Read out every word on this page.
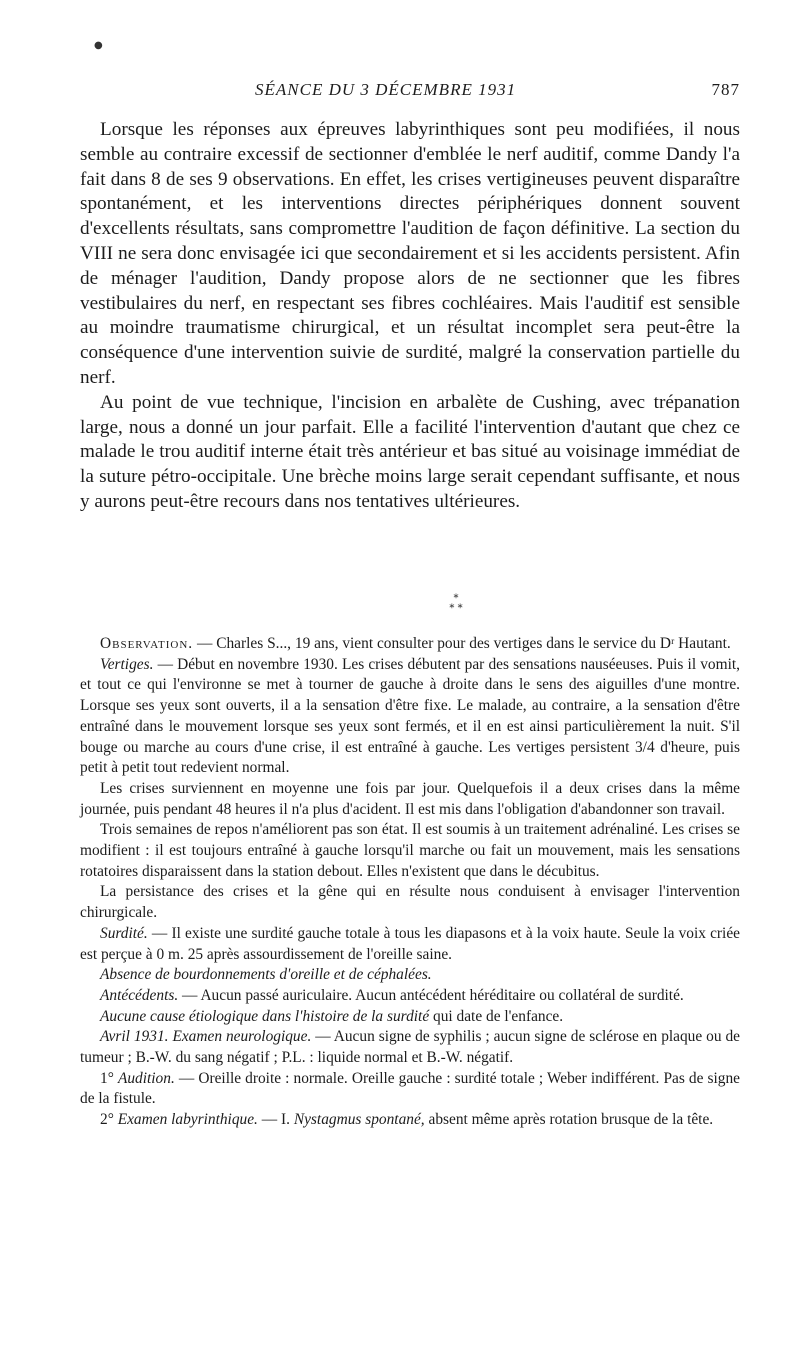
●
SÉANCE DU 3 DÉCEMBRE 1931	787

Lorsque les réponses aux épreuves labyrinthiques sont peu modifiées, il nous semble au contraire excessif de sectionner d'emblée le nerf auditif, comme Dandy l'a fait dans 8 de ses 9 observations. En effet, les crises vertigineuses peuvent disparaître spontanément, et les interventions directes périphériques donnent souvent d'excellents résultats, sans compromettre l'audition de façon définitive. La section du VIII ne sera donc envisagée ici que secondairement et si les accidents persistent. Afin de ménager l'audition, Dandy propose alors de ne sectionner que les fibres vestibulaires du nerf, en respectant ses fibres cochléaires. Mais l'auditif est sensible au moindre traumatisme chirurgical, et un résultat incomplet sera peut-être la conséquence d'une intervention suivie de surdité, malgré la conservation partielle du nerf.

Au point de vue technique, l'incision en arbalète de Cushing, avec trépanation large, nous a donné un jour parfait. Elle a facilité l'intervention d'autant que chez ce malade le trou auditif interne était très antérieur et bas situé au voisinage immédiat de la suture pétro-occipitale. Une brèche moins large serait cependant suffisante, et nous y aurons peut-être recours dans nos tentatives ultérieures.

*
* *

Observation. — Charles S..., 19 ans, vient consulter pour des vertiges dans le service du Dʳ Hautant.

Vertiges. — Début en novembre 1930. Les crises débutent par des sensations nauséeuses. Puis il vomit, et tout ce qui l'environne se met à tourner de gauche à droite dans le sens des aiguilles d'une montre. Lorsque ses yeux sont ouverts, il a la sensation d'être fixe. Le malade, au contraire, a la sensation d'être entraîné dans le mouvement lorsque ses yeux sont fermés, et il en est ainsi particulièrement la nuit. S'il bouge ou marche au cours d'une crise, il est entraîné à gauche. Les vertiges persistent 3/4 d'heure, puis petit à petit tout redevient normal.

Les crises surviennent en moyenne une fois par jour. Quelquefois il a deux crises dans la même journée, puis pendant 48 heures il n'a plus d'acident. Il est mis dans l'obligation d'abandonner son travail.

Trois semaines de repos n'améliorent pas son état. Il est soumis à un traitement adrénaliné. Les crises se modifient : il est toujours entraîné à gauche lorsqu'il marche ou fait un mouvement, mais les sensations rotatoires disparaissent dans la station debout. Elles n'existent que dans le décubitus.

La persistance des crises et la gêne qui en résulte nous conduisent à envisager l'intervention chirurgicale.

Surdité. — Il existe une surdité gauche totale à tous les diapasons et à la voix haute. Seule la voix criée est perçue à 0 m. 25 après assourdissement de l'oreille saine.

Absence de bourdonnements d'oreille et de céphalées.

Antécédents. — Aucun passé auriculaire. Aucun antécédent héréditaire ou collatéral de surdité.

Aucune cause étiologique dans l'histoire de la surdité qui date de l'enfance.

Avril 1931. Examen neurologique. — Aucun signe de syphilis ; aucun signe de sclérose en plaque ou de tumeur ; B.-W. du sang négatif ; P.L. : liquide normal et B.-W. négatif.

1° Audition. — Oreille droite : normale. Oreille gauche : surdité totale ; Weber indifférent. Pas de signe de la fistule.

2° Examen labyrinthique. — I. Nystagmus spontané, absent même après rotation brusque de la tête.
